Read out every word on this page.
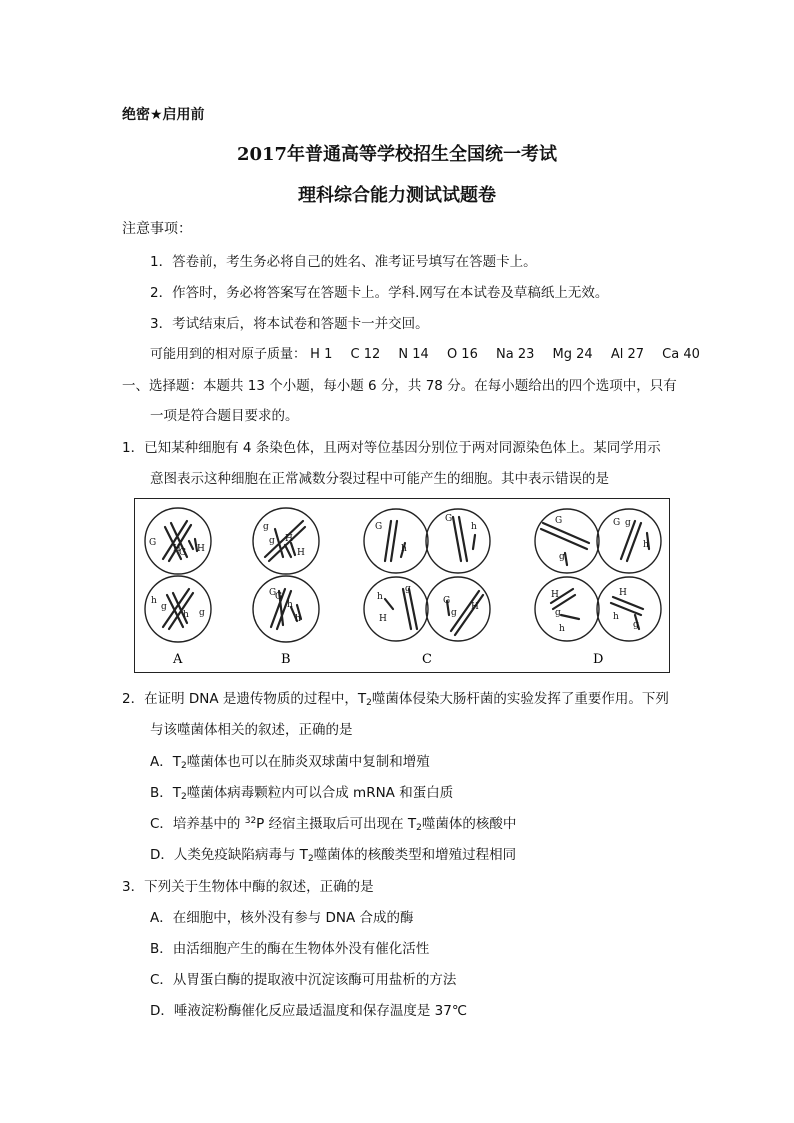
绝密★启用前
2017年普通高等学校招生全国统一考试
理科综合能力测试试题卷
注意事项：
1．答卷前，考生务必将自己的姓名、准考证号填写在答题卡上。
2．作答时，务必将答案写在答题卡上。学科.网写在本试卷及草稿纸上无效。
3．考试结束后，将本试卷和答题卡一并交回。
可能用到的相对原子质量： H 1 C 12 N 14 O 16 Na 23 Mg 24 Al 27 Ca 40
一、选择题：本题共 13 个小题，每小题 6 分，共 78 分。在每小题给出的四个选项中，只有
一项是符合题目要求的。
1．已知某种细胞有 4 条染色体，且两对等位基因分别位于两对同源染色体上。某同学用示
意图表示这种细胞在正常减数分裂过程中可能产生的细胞。其中表示错误的是
G
H
G H
h
g
h g
g
g H
H
G
G
h
h
G
h
G
h
h
H
g
G
g
H
G
g
G g
h
H
g
h
H
h
g
A	B	C	D
2．在证明 DNA 是遗传物质的过程中，$T_2$噬菌体侵染大肠杆菌的实验发挥了重要作用。下列
与该噬菌体相关的叙述，正确的是
A．$T_2$噬菌体也可以在肺炎双球菌中复制和增殖
B．$T_2$噬菌体病毒颗粒内可以合成 mRNA 和蛋白质
C．培养基中的 $^{32}$P 经宿主摄取后可出现在 $T_2$噬菌体的核酸中
D．人类免疫缺陷病毒与 $T_2$噬菌体的核酸类型和增殖过程相同
3．下列关于生物体中酶的叙述，正确的是
A．在细胞中，核外没有参与 DNA 合成的酶
B．由活细胞产生的酶在生物体外没有催化活性
C．从胃蛋白酶的提取液中沉淀该酶可用盐析的方法
D．唾液淀粉酶催化反应最适温度和保存温度是 37℃
